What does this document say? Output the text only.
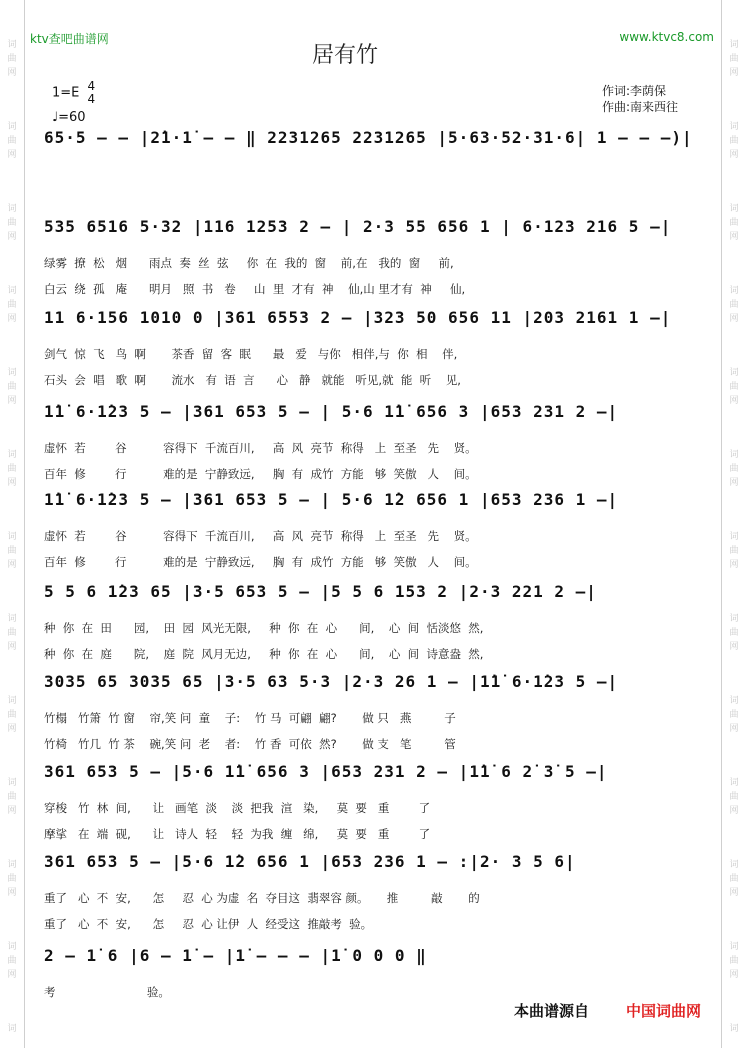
词	词
曲	曲
网	网
词	词
曲	曲
网	网
词	词
曲	曲
网	网
词	词
曲	曲
网	网
词	词
曲	曲
网	网
词	词
曲	曲
网	网
词	词
曲	曲
网	网
词	词
曲	曲
网	网
词	词
曲	曲
网	网
词	词
曲	曲
网	网
词	词
曲	曲
网	网
词	词
曲	曲
网	网
词	词
ktv查吧曲谱网	www.ktvc8.com
居有竹
1=E 4
4
♩=60
作词:李荫保
作曲:南来西往
65·5 — — |2̇1·1̇ — — ‖ 2231265 2231265 |5·63·52·31·6| 1 — — —)|
535 6516 5·32 |116 1253 2 — | 2·3 55 656 1 | 6·123 216 5 —|
绿雾  撩  松   烟      雨点  奏  丝  弦     你  在  我的  窗    前,在   我的  窗     前,
白云  绕  孤   庵      明月   照  书   卷     山  里  才有  神    仙,山 里才有  神     仙,
11 6·156 1010 0 |361 6553 2 — |323 50 656 11 |203 2161 1 —|
剑气  惊  飞   鸟  啊       茶香  留  客  眠      最   爱   与你   相伴,与  你  相    伴,
石头  会  唱   歌  啊       流水   有  语  言      心   静   就能   听见,就  能  听    见,
1̇1̇ 6·1̇23 5 — |361 653 5 — | 5·6 1̇1̇ 656 3 |653 231 2 —|
虚怀  若        谷          容得下  千流百川,     高  风  亮节  称得   上  至圣   先    贤。
百年  修        行          难的是  宁静致远,     胸  有  成竹  方能   够  笑傲   人    间。
1̇1̇ 6·1̇23 5 — |361 653 5 — | 5·6 1̇2 656 1 |653 236 1 —|
虚怀  若        谷          容得下  千流百川,     高  风  亮节  称得   上  至圣   先    贤。
百年  修        行          难的是  宁静致远,     胸  有  成竹  方能   够  笑傲   人    间。
5 5 6 1̇23 65 |3·5 653 5 — |5 5 6 153 2 |2·3 221 2 —|
种  你  在  田      园,    田  园  风光无限,     种  你  在  心      间,    心  间  恬淡悠  然,
种  你  在  庭      院,    庭  院  风月无边,     种  你  在  心      间,    心  间  诗意盎  然,
3035 65 3035 65 |3·5 63 5·3 |2·3 26 1 — |1̇1̇ 6·1̇23 5 —|
竹榻   竹箫  竹 窗    帘,笑 问  童    子:    竹 马  可翩  翩?       做 只   燕         子
竹椅   竹几  竹 茶    碗,笑 问  老    者:    竹 香  可依  然?       做 支   笔         管
361 653 5 — |5·6 1̇1̇ 656 3 |653 231 2 — |1̇1̇ 6 2̇ 3̇ 5 —|
穿梭   竹  林  间,      让   画笔  淡    淡  把我  渲   染,     莫  要   重        了
摩挲   在  端  砚,      让   诗人  轻    轻  为我  缠   绵,     莫  要   重        了
361 653 5 — |5·6 1̇2 656 1 |653 236 1 — :|2· 3 5 6|
重了   心  不  安,      怎     忍  心 为虚  名  夺目这  翡翠容 颜。     推         敲       的
重了   心  不  安,      怎     忍  心 让伊  人  经受这  推敲考  验。
2 — 1̇ 6 |6 — 1̇ — |1̇ — — — |1̇ 0 0 0 ‖
考                         验。
本曲谱源自 中国词曲网
